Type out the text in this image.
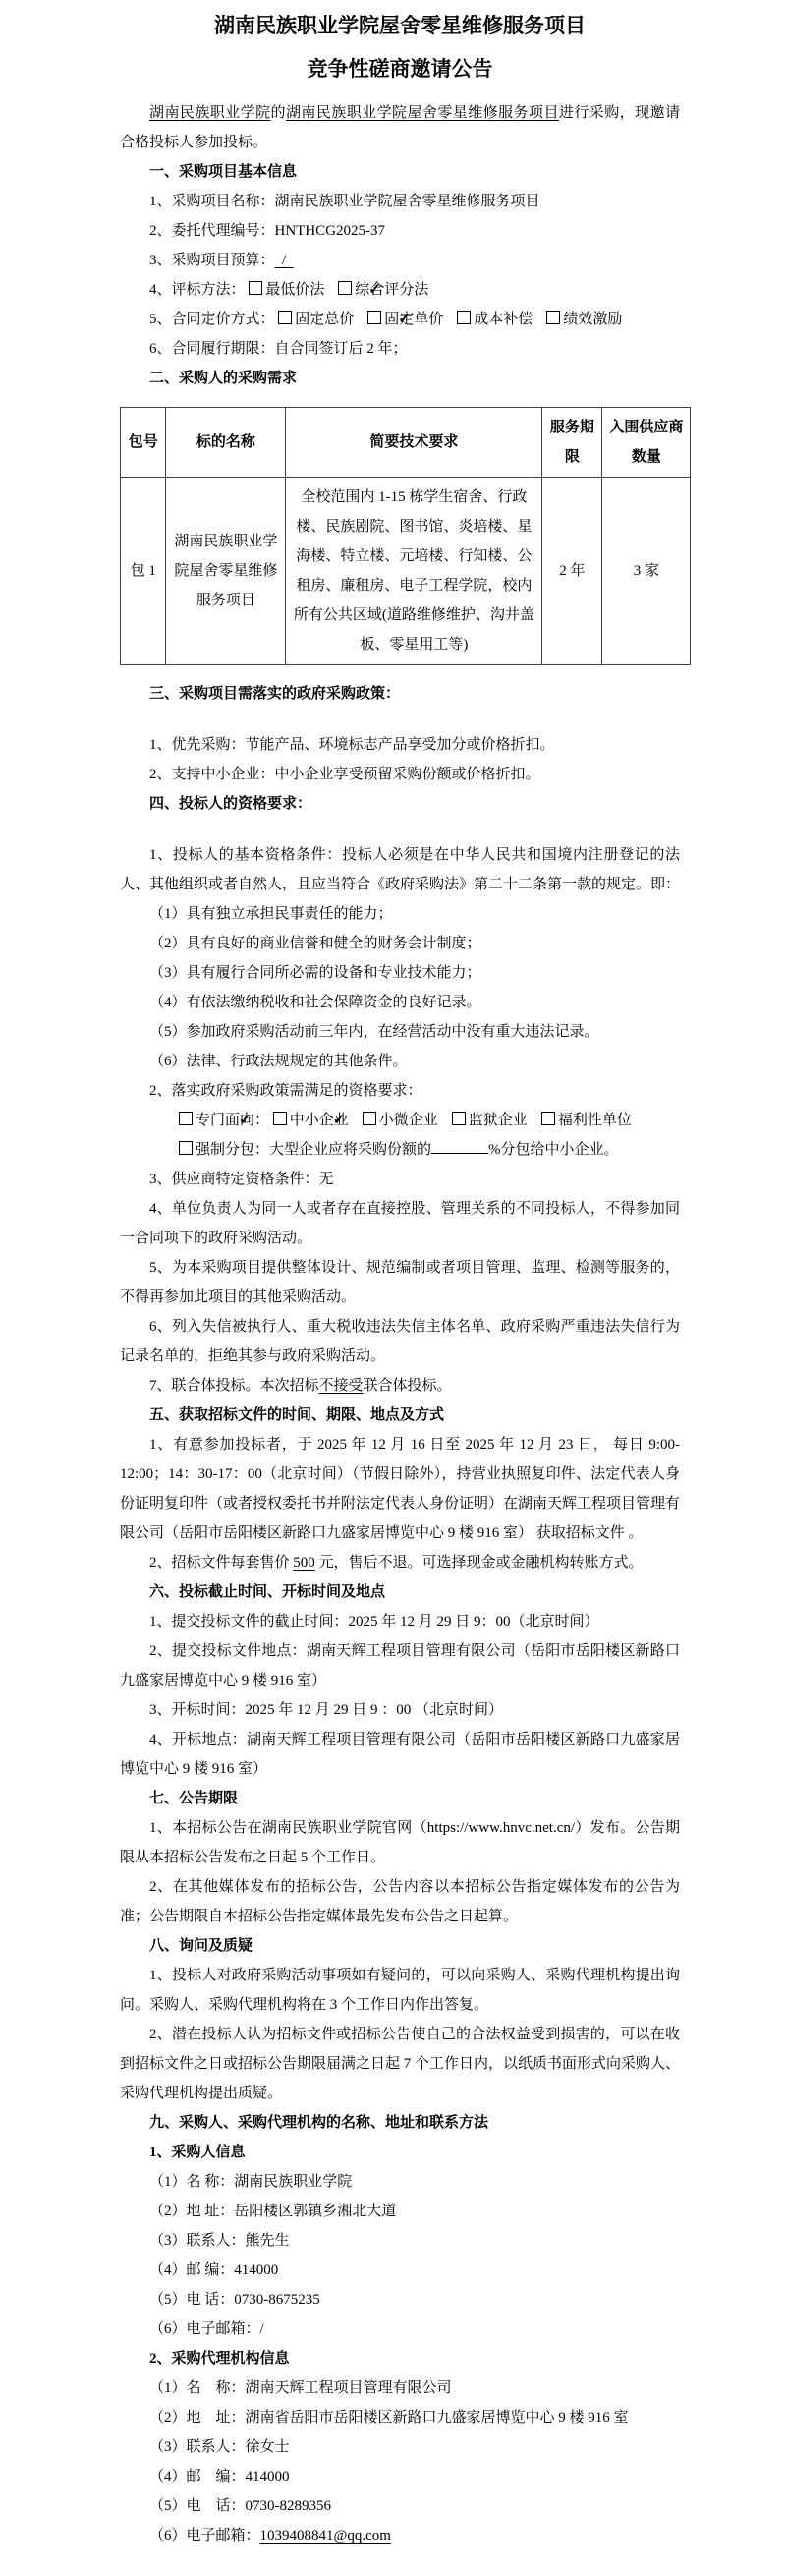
湖南民族职业学院屋舍零星维修服务项目
竞争性磋商邀请公告

湖南民族职业学院的湖南民族职业学院屋舍零星维修服务项目进行采购，现邀请合格投标人参加投标。

一、采购项目基本信息

1、采购项目名称：湖南民族职业学院屋舍零星维修服务项目

2、委托代理编号：HNTHCG2025-37

3、采购项目预算：  /

4、评标方法： 最低价法 ✓ 综合评分法

5、合同定价方式： 固定总价 ✓ 固定单价 成本补偿 绩效激励

6、合同履行期限：自合同签订后 2 年；

二、采购人的采购需求

包号	标的名称	简要技术要求	服务期限	入围供应商数量
包 1	湖南民族职业学院屋舍零星维修服务项目	全校范围内 1-15 栋学生宿舍、行政楼、民族剧院、图书馆、炎培楼、星海楼、特立楼、元培楼、行知楼、公租房、廉租房、电子工程学院，校内所有公共区域(道路维修维护、沟井盖板、零星用工等)	2 年	3 家

三、采购项目需落实的政府采购政策：

1、优先采购：节能产品、环境标志产品享受加分或价格折扣。

2、支持中小企业：中小企业享受预留采购份额或价格折扣。

四、投标人的资格要求：

1、投标人的基本资格条件：投标人必须是在中华人民共和国境内注册登记的法人、其他组织或者自然人，且应当符合《政府采购法》第二十二条第一款的规定。即：

（1）具有独立承担民事责任的能力；

（2）具有良好的商业信誉和健全的财务会计制度；

（3）具有履行合同所必需的设备和专业技术能力；

（4）有依法缴纳税收和社会保障资金的良好记录。

（5）参加政府采购活动前三年内，在经营活动中没有重大违法记录。

（6）法律、行政法规规定的其他条件。

2、落实政府采购政策需满足的资格要求：

✓专门面向： ✓中小企业 小微企业 监狱企业 福利性单位

强制分包：大型企业应将采购份额的	%分包给中小企业。

3、供应商特定资格条件：无

4、单位负责人为同一人或者存在直接控股、管理关系的不同投标人，不得参加同一合同项下的政府采购活动。

5、为本采购项目提供整体设计、规范编制或者项目管理、监理、检测等服务的，不得再参加此项目的其他采购活动。

6、列入失信被执行人、重大税收违法失信主体名单、政府采购严重违法失信行为记录名单的，拒绝其参与政府采购活动。

7、联合体投标。本次招标不接受联合体投标。

五、获取招标文件的时间、期限、地点及方式

1、有意参加投标者，于 2025 年 12 月 16 日至 2025 年 12 月 23 日， 每日 9:00-12:00；14：30-17：00（北京时间）（节假日除外），持营业执照复印件、法定代表人身份证明复印件（或者授权委托书并附法定代表人身份证明）在湖南天辉工程项目管理有限公司（岳阳市岳阳楼区新路口九盛家居博览中心 9 楼 916 室） 获取招标文件 。

2、招标文件每套售价 500 元，售后不退。可选择现金或金融机构转账方式。

六、投标截止时间、开标时间及地点

1、提交投标文件的截止时间：2025 年 12 月 29 日 9：00（北京时间）

2、提交投标文件地点：湖南天辉工程项目管理有限公司（岳阳市岳阳楼区新路口九盛家居博览中心 9 楼 916 室）

3、开标时间：2025 年 12 月 29 日 9 ：00 （北京时间）

4、开标地点：湖南天辉工程项目管理有限公司（岳阳市岳阳楼区新路口九盛家居博览中心 9 楼 916 室）

七、公告期限

1、本招标公告在湖南民族职业学院官网（https://www.hnvc.net.cn/）发布。公告期限从本招标公告发布之日起 5 个工作日。

2、在其他媒体发布的招标公告，公告内容以本招标公告指定媒体发布的公告为准；公告期限自本招标公告指定媒体最先发布公告之日起算。

八、询问及质疑

1、投标人对政府采购活动事项如有疑问的，可以向采购人、采购代理机构提出询问。采购人、采购代理机构将在 3 个工作日内作出答复。

2、潜在投标人认为招标文件或招标公告使自己的合法权益受到损害的，可以在收到招标文件之日或招标公告期限届满之日起 7 个工作日内，以纸质书面形式向采购人、采购代理机构提出质疑。

九、采购人、采购代理机构的名称、地址和联系方法

1、采购人信息

（1）名 称：湖南民族职业学院

（2）地 址：岳阳楼区郭镇乡湘北大道

（3）联系人：熊先生

（4）邮 编：414000

（5）电 话：0730-8675235

（6）电子邮箱：/

2、采购代理机构信息

（1）名　称：湖南天辉工程项目管理有限公司

（2）地　址：湖南省岳阳市岳阳楼区新路口九盛家居博览中心 9 楼 916 室

（3）联系人：徐女士

（4）邮　编：414000

（5）电　话：0730-8289356

（6）电子邮箱：1039408841@qq.com
